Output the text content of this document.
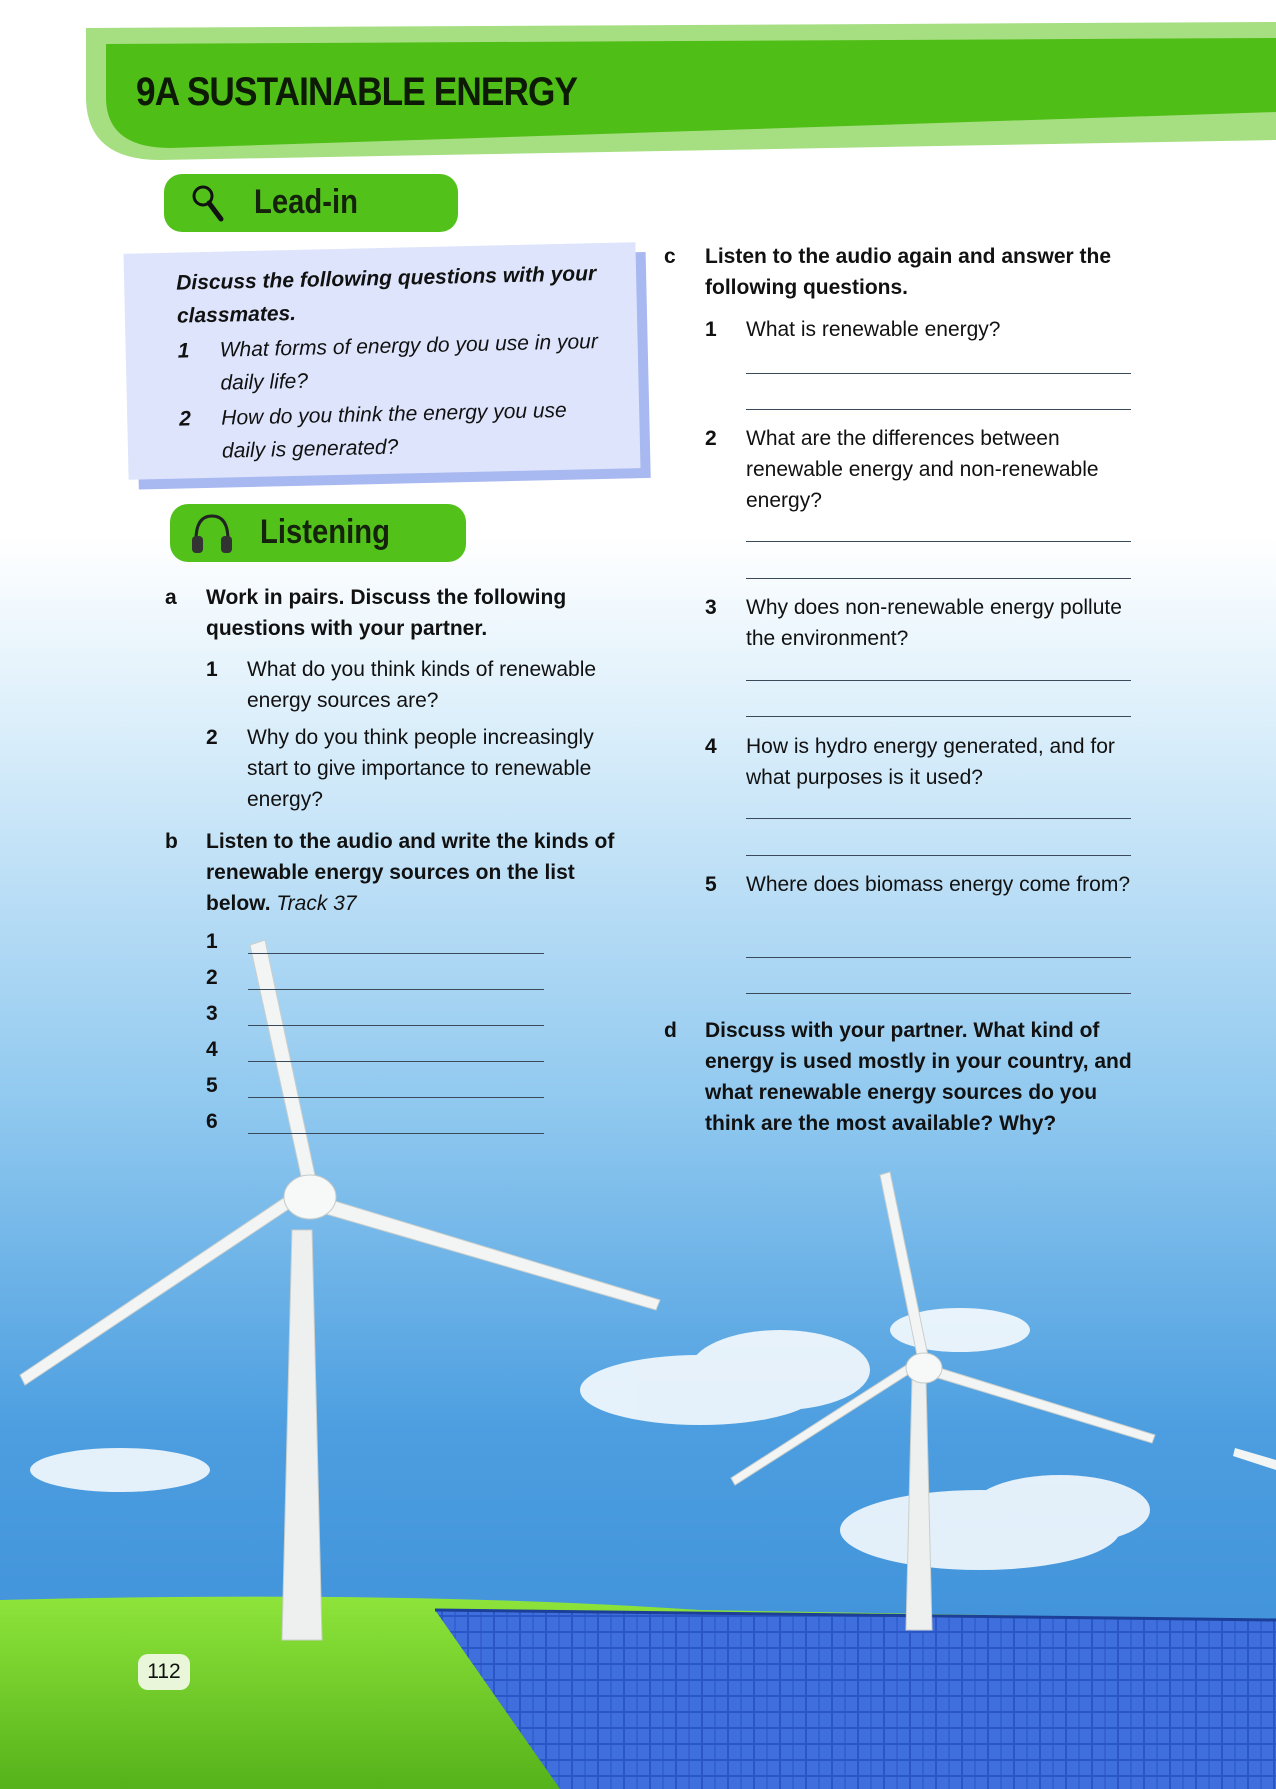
9A SUSTAINABLE ENERGY
Lead-in
Discuss the following questions with your classmates.
1	What forms of energy do you use in your daily life?
2	How do you think the energy you use daily is generated?
Listening
a Work in pairs. Discuss the following questions with your partner.
1	What do you think kinds of renewable energy sources are?
2	Why do you think people increasingly start to give importance to renewable energy?
b Listen to the audio and write the kinds of renewable energy sources on the list below. Track 37
1
2
3
4
5
6
c Listen to the audio again and answer the following questions.
1 What is renewable energy?
2 What are the differences between renewable energy and non-renewable energy?
3 Why does non-renewable energy pollute the environment?
4 How is hydro energy generated, and for what purposes is it used?
5 Where does biomass energy come from?
d Discuss with your partner. What kind of energy is used mostly in your country, and what renewable energy sources do you think are the most available? Why?
112
